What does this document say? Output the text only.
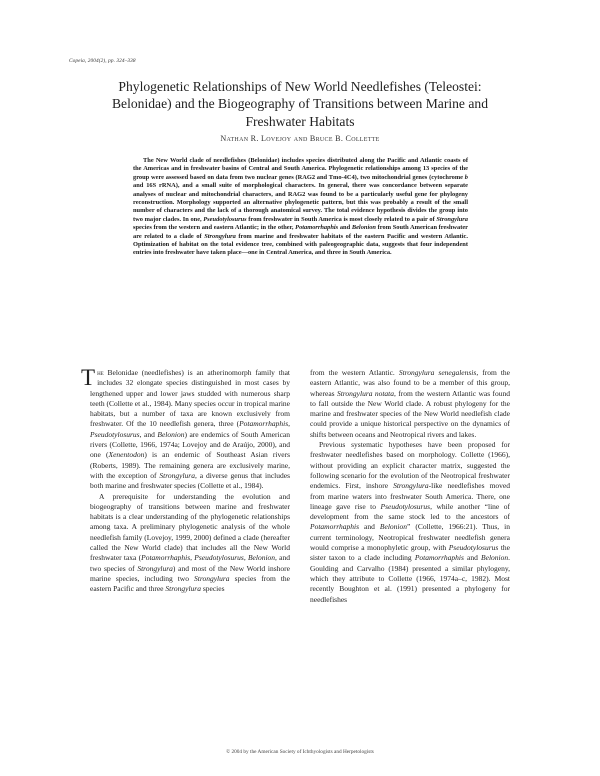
Copeia, 2004(2), pp. 324–338
Phylogenetic Relationships of New World Needlefishes (Teleostei:
Belonidae) and the Biogeography of Transitions between Marine and
Freshwater Habitats
Nathan R. Lovejoy and Bruce B. Collette

The New World clade of needlefishes (Belonidae) includes species distributed along the Pacific and Atlantic coasts of the Americas and in freshwater basins of Central and South America. Phylogenetic relationships among 13 species of the group were assessed based on data from two nuclear genes (RAG2 and Tmo-4C4), two mitochondrial genes (cytochrome b and 16S rRNA), and a small suite of morphological characters. In general, there was concordance between separate analyses of nuclear and mitochondrial characters, and RAG2 was found to be a particularly useful gene for phylogeny reconstruction. Morphology supported an alternative phylogenetic pattern, but this was probably a result of the small number of characters and the lack of a thorough anatomical survey. The total evidence hypothesis divides the group into two major clades. In one, Pseudotylosurus from freshwater in South America is most closely related to a pair of Strongylura species from the western and eastern Atlantic; in the other, Potamorrhaphis and Belonion from South American freshwater are related to a clade of Strongylura from marine and freshwater habitats of the eastern Pacific and western Atlantic. Optimization of habitat on the total evidence tree, combined with paleogeographic data, suggests that four independent entries into freshwater have taken place—one in Central America, and three in South America.

The Belonidae (needlefishes) is an atherinomorph family that includes 32 elongate species distinguished in most cases by lengthened upper and lower jaws studded with numerous sharp teeth (Collette et al., 1984). Many species occur in tropical marine habitats, but a number of taxa are known exclusively from freshwater. Of the 10 needlefish genera, three (Potamorrhaphis, Pseudotylosurus, and Belonion) are endemics of South American rivers (Collette, 1966, 1974a; Lovejoy and de Araújo, 2000), and one (Xenentodon) is an endemic of Southeast Asian rivers (Roberts, 1989). The remaining genera are exclusively marine, with the exception of Strongylura, a diverse genus that includes both marine and freshwater species (Collette et al., 1984).

A prerequisite for understanding the evolution and biogeography of transitions between marine and freshwater habitats is a clear understanding of the phylogenetic relationships among taxa. A preliminary phylogenetic analysis of the whole needlefish family (Lovejoy, 1999, 2000) defined a clade (hereafter called the New World clade) that includes all the New World freshwater taxa (Potamorrhaphis, Pseudotylosurus, Belonion, and two species of Strongylura) and most of the New World inshore marine species, including two Strongylura species from the eastern Pacific and three Strongylura species

from the western Atlantic. Strongylura senegalensis, from the eastern Atlantic, was also found to be a member of this group, whereas Strongylura notata, from the western Atlantic was found to fall outside the New World clade. A robust phylogeny for the marine and freshwater species of the New World needlefish clade could provide a unique historical perspective on the dynamics of shifts between oceans and Neotropical rivers and lakes.

Previous systematic hypotheses have been proposed for freshwater needlefishes based on morphology. Collette (1966), without providing an explicit character matrix, suggested the following scenario for the evolution of the Neotropical freshwater endemics. First, inshore Strongylura-like needlefishes moved from marine waters into freshwater South America. There, one lineage gave rise to Pseudotylosurus, while another “line of development from the same stock led to the ancestors of Potamorrhaphis and Belonion” (Collette, 1966:21). Thus, in current terminology, Neotropical freshwater needlefish genera would comprise a monophyletic group, with Pseudotylosurus the sister taxon to a clade including Potamorrhaphis and Belonion. Goulding and Carvalho (1984) presented a similar phylogeny, which they attribute to Collette (1966, 1974a–c, 1982). Most recently Boughton et al. (1991) presented a phylogeny for needlefishes

© 2004 by the American Society of Ichthyologists and Herpetologists
